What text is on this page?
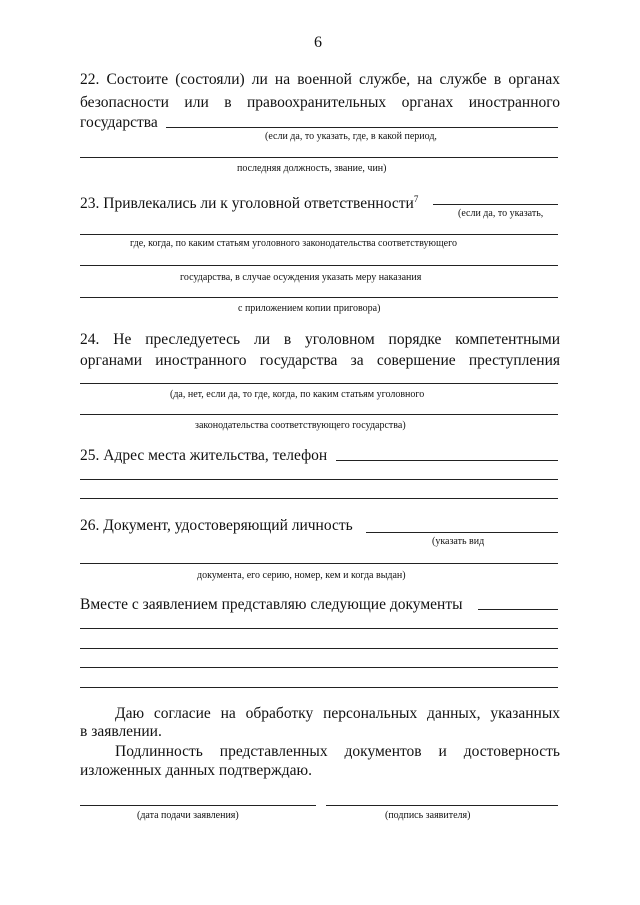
6
22. Состоите (состояли) ли на военной службе, на службе в органах
безопасности или в правоохранительных органах иностранного
государства
(если да, то указать, где, в какой период,
последняя должность, звание, чин)
23. Привлекались ли к уголовной ответственности$^7$
(если да, то указать,
где, когда, по каким статьям уголовного законодательства соответствующего
государства, в случае осуждения указать меру наказания
с приложением копии приговора)
24. Не преследуетесь ли в уголовном порядке компетентными
органами иностранного государства за совершение преступления
(да, нет, если да, то где, когда, по каким статьям уголовного
законодательства соответствующего государства)
25. Адрес места жительства, телефон
26. Документ, удостоверяющий личность
(указать вид
документа, его серию, номер, кем и когда выдан)
Вместе с заявлением представляю следующие документы
Даю согласие на обработку персональных данных, указанных
в заявлении.
Подлинность представленных документов и достоверность
изложенных данных подтверждаю.
(дата подачи заявления)	(подпись заявителя)
